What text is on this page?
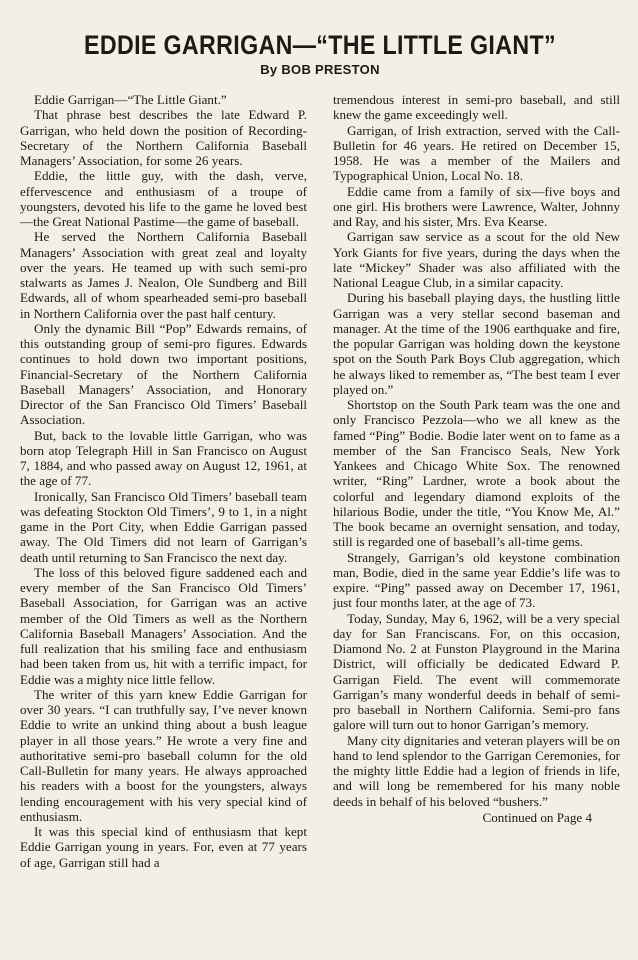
EDDIE GARRIGAN—“THE LITTLE GIANT”
By BOB PRESTON

Eddie Garrigan—“The Little Giant.”

That phrase best describes the late Edward P. Garrigan, who held down the position of Recording-Secretary of the Northern California Baseball Managers’ Association, for some 26 years.

Eddie, the little guy, with the dash, verve, effervescence and enthusiasm of a troupe of youngsters, devoted his life to the game he loved best—the Great National Pastime—the game of baseball.

He served the Northern California Baseball Managers’ Association with great zeal and loyalty over the years. He teamed up with such semi-pro stalwarts as James J. Nealon, Ole Sundberg and Bill Edwards, all of whom spearheaded semi-pro baseball in Northern California over the past half century.

Only the dynamic Bill “Pop” Edwards remains, of this outstanding group of semi-pro figures. Edwards continues to hold down two important positions, Financial-Secretary of the Northern California Baseball Managers’ Association, and Honorary Director of the San Francisco Old Timers’ Baseball Association.

But, back to the lovable little Garrigan, who was born atop Telegraph Hill in San Francisco on August 7, 1884, and who passed away on August 12, 1961, at the age of 77.

Ironically, San Francisco Old Timers’ baseball team was defeating Stockton Old Timers’, 9 to 1, in a night game in the Port City, when Eddie Garrigan passed away. The Old Timers did not learn of Garrigan’s death until returning to San Francisco the next day.

The loss of this beloved figure saddened each and every member of the San Francisco Old Timers’ Baseball Association, for Garrigan was an active member of the Old Timers as well as the Northern California Baseball Managers’ Association. And the full realization that his smiling face and enthusiasm had been taken from us, hit with a terrific impact, for Eddie was a mighty nice little fellow.

The writer of this yarn knew Eddie Garrigan for over 30 years. “I can truthfully say, I’ve never known Eddie to write an unkind thing about a bush league player in all those years.” He wrote a very fine and authoritative semi-pro baseball column for the old Call-Bulletin for many years. He always approached his readers with a boost for the youngsters, always lending encouragement with his very special kind of enthusiasm.

It was this special kind of enthusiasm that kept Eddie Garrigan young in years. For, even at 77 years of age, Garrigan still had a

tremendous interest in semi-pro baseball, and still knew the game exceedingly well.

Garrigan, of Irish extraction, served with the Call-Bulletin for 46 years. He retired on December 15, 1958. He was a member of the Mailers and Typographical Union, Local No. 18.

Eddie came from a family of six—five boys and one girl. His brothers were Lawrence, Walter, Johnny and Ray, and his sister, Mrs. Eva Kearse.

Garrigan saw service as a scout for the old New York Giants for five years, during the days when the late “Mickey” Shader was also affiliated with the National League Club, in a similar capacity.

During his baseball playing days, the hustling little Garrigan was a very stellar second baseman and manager. At the time of the 1906 earthquake and fire, the popular Garrigan was holding down the keystone spot on the South Park Boys Club aggregation, which he always liked to remember as, “The best team I ever played on.”

Shortstop on the South Park team was the one and only Francisco Pezzola—who we all knew as the famed “Ping” Bodie. Bodie later went on to fame as a member of the San Francisco Seals, New York Yankees and Chicago White Sox. The renowned writer, “Ring” Lardner, wrote a book about the colorful and legendary diamond exploits of the hilarious Bodie, under the title, “You Know Me, Al.” The book became an overnight sensation, and today, still is regarded one of baseball’s all-time gems.

Strangely, Garrigan’s old keystone combination man, Bodie, died in the same year Eddie’s life was to expire. “Ping” passed away on December 17, 1961, just four months later, at the age of 73.

Today, Sunday, May 6, 1962, will be a very special day for San Franciscans. For, on this occasion, Diamond No. 2 at Funston Playground in the Marina District, will officially be dedicated Edward P. Garrigan Field. The event will commemorate Garrigan’s many wonderful deeds in behalf of semi-pro baseball in Northern California. Semi-pro fans galore will turn out to honor Garrigan’s memory.

Many city dignitaries and veteran players will be on hand to lend splendor to the Garrigan Ceremonies, for the mighty little Eddie had a legion of friends in life, and will long be remembered for his many noble deeds in behalf of his beloved “bushers.”

Continued on Page 4
